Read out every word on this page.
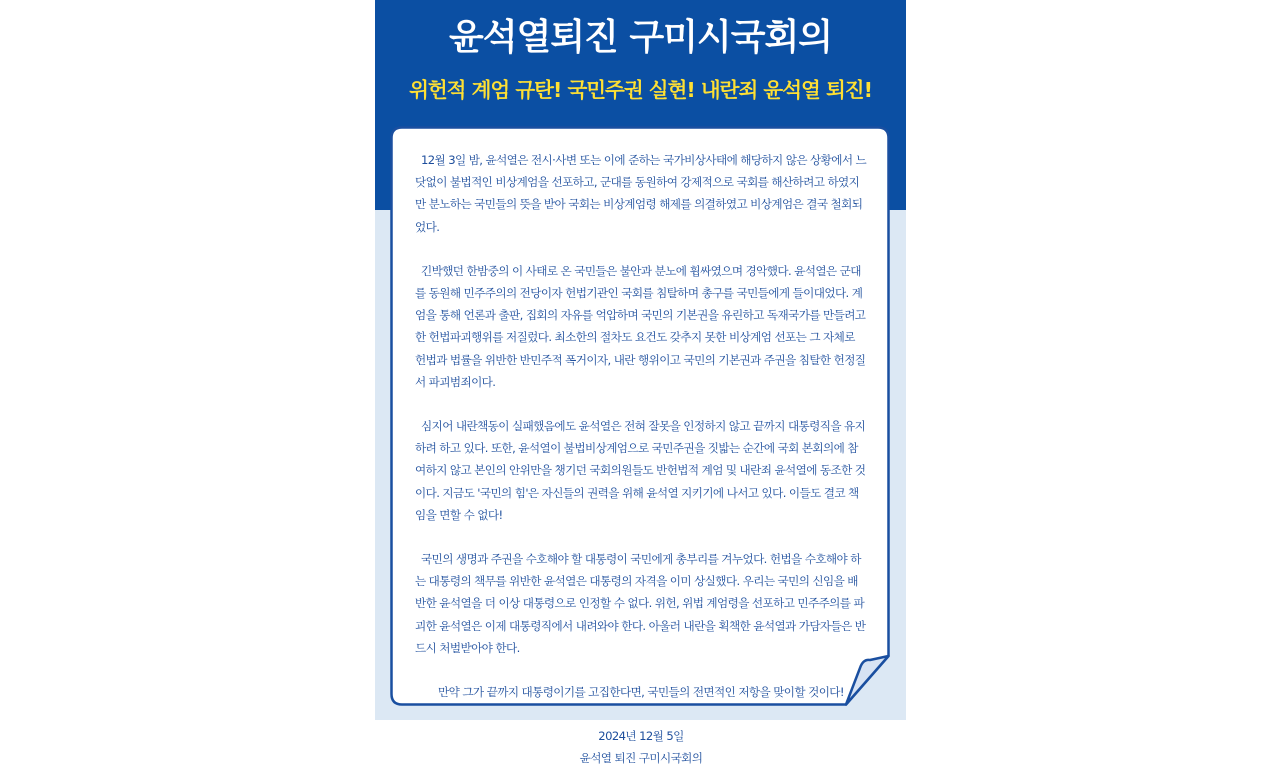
윤석열퇴진 구미시국회의
위헌적 계엄 규탄! 국민주권 실현! 내란죄 윤석열 퇴진!

12월 3일 밤, 윤석열은 전시·사변 또는 이에 준하는 국가비상사태에 해당하지 않은 상황에서 느닷없이 불법적인 비상계엄을 선포하고, 군대를 동원하여 강제적으로 국회를 해산하려고 하였지만 분노하는 국민들의 뜻을 받아 국회는 비상계엄령 해제를 의결하였고 비상계엄은 결국 철회되었다.

긴박했던 한밤중의 이 사태로 온 국민들은 불안과 분노에 휩싸였으며 경악했다. 윤석열은 군대를 동원해 민주주의의 전당이자 헌법기관인 국회를 침탈하며 총구를 국민들에게 들이대었다. 계엄을 통해 언론과 출판, 집회의 자유를 억압하며 국민의 기본권을 유린하고 독재국가를 만들려고 한 헌법파괴행위를 저질렀다. 최소한의 절차도 요건도 갖추지 못한 비상계엄 선포는 그 자체로 헌법과 법률을 위반한 반민주적 폭거이자, 내란 행위이고 국민의 기본권과 주권을 침탈한 헌정질서 파괴범죄이다.

심지어 내란책동이 실패했음에도 윤석열은 전혀 잘못을 인정하지 않고 끝까지 대통령직을 유지하려 하고 있다. 또한, 윤석열이 불법비상계엄으로 국민주권을 짓밟는 순간에 국회 본회의에 참여하지 않고 본인의 안위만을 챙기던 국회의원들도 반헌법적 계엄 및 내란죄 윤석열에 동조한 것이다. 지금도 '국민의 힘'은 자신들의 권력을 위해 윤석열 지키기에 나서고 있다. 이들도 결코 책임을 면할 수 없다!

국민의 생명과 주권을 수호해야 할 대통령이 국민에게 총부리를 겨누었다. 헌법을 수호해야 하는 대통령의 책무를 위반한 윤석열은 대통령의 자격을 이미 상실했다. 우리는 국민의 신임을 배반한 윤석열을 더 이상 대통령으로 인정할 수 없다. 위헌, 위법 계엄령을 선포하고 민주주의를 파괴한 윤석열은 이제 대통령직에서 내려와야 한다. 아울러 내란을 획책한 윤석열과 가담자들은 반드시 처벌받아야 한다.

만약 그가 끝까지 대통령이기를 고집한다면, 국민들의 전면적인 저항을 맞이할 것이다!

2024년 12월 5일

윤석열 퇴진 구미시국회의
